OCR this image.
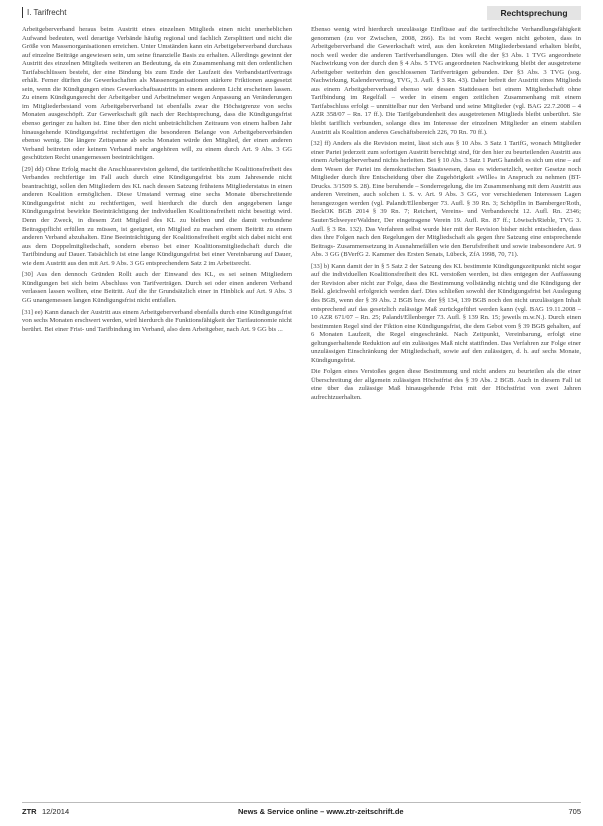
I. Tarifrecht	Rechtsprechung

Arbeitgeberverband heraus beim Austritt eines einzelnen Mitglieds einen nicht unerheblichen Aufwand bedeuten, weil derartige Verbände häufig regional und fachlich Zersplittert und nicht die Größe von Massenorganisationen erreichen. Unter Umständen kann ein Arbeitgeberverband durchaus auf einzelne Beiträge angewiesen sein, um seine finanzielle Basis zu erhalten. Allerdings gewinnt der Austritt des einzelnen Mitglieds weiteren an Bedeutung, da ein Zusammenhang mit den ordentlichen Tarifabschlüssen besteht, der eine Bindung bis zum Ende der Laufzeit des Verbandstarifvertrags erhält. Ferner dürften die Gewerkschaften als Massenorganisationen stärkere Friktionen ausgesetzt sein, wenn die Kündigungen eines Gewerkschaftsaustritts in einem anderen Licht erscheinen lassen. Zu einem Kündigungsrecht der Arbeitgeber und Arbeitnehmer wegen Anpassung an Veränderungen im Mitgliederbestand vom Arbeitgeberverband ist ebenfalls zwar die Höchstgrenze von sechs Monaten ausgeschöpft. Zur Gewerkschaft gilt nach der Rechtsprechung, dass die Kündigungsfrist ebenso geringer zu halten ist. Eine über den nicht unbeträchtlichen Zeitraum von einem halben Jahr hinausgehende Kündigungsfrist rechtfertigen die besonderen Belange von Arbeitgeberverbänden ebenso wenig. Die längere Zeitspanne ab sechs Monaten würde den Mitglied, der einen anderen Verband beitreten oder keinem Verband mehr angehören will, zu einem durch Art. 9 Abs. 3 GG geschützten Recht unangemessen beeinträchtigen.

[29] dd) Ohne Erfolg macht die Anschlussrevision geltend, die tarifeinheitliche Koalitionsfreiheit des Verbandes rechtfertige im Fall auch durch eine Kündigungsfrist bis zum Jahresende nicht beantrachtigt, sollen den Mitgliedern des KL nach dessen Satzung frühstens Mitgliederstatus in einen anderen Koalition ermöglichen. Diese Umstand vermag eine sechs Monate überschreitende Kündigungsfrist nicht zu rechtfertigen, weil hierdurch die durch den angegebenen lange Kündigungsfrist bewirkte Beeinträchtigung der individuellen Koalitionsfreiheit nicht beseitigt wird. Denn der Zweck, in diesem Zeit Mitglied des KL zu bleiben und die damit verbundene Beitragspflicht erfüllen zu müssen, ist geeignet, ein Mitglied zu machen einem Beitritt zu einem anderen Verband abzuhalten. Eine Beeinträchtigung der Koalitionsfreiheit ergibt sich dabei nicht erst aus dem Doppelmitgliedschaft, sondern ebenso bei einer Koalitionsmitgliedschaft durch die Tarifbindung auf Dauer. Tatsächlich ist eine lange Kündigungsfrist bei einer Vereinbarung auf Dauer, wie dem Austritt aus den mit Art. 9 Abs. 3 GG entsprechendem Satz 2 im Arbeitsrecht.

[30] Aus den dennoch Gründen Rollt auch der Einwand des KL, es sei seinen Mitgliedern Kündigungen bei sich beim Abschluss von Tarifverträgen. Durch sei oder einen anderen Verband verlassen lassen wollten, eine Beitritt. Auf die ihr Grundsätzlich einer in Hinblick auf Art. 9 Abs. 3 GG unangemessen langen Kündigungsfrist nicht entfallen.

[31] ee) Kann danach der Austritt aus einem Arbeitgeberverband ebenfalls durch eine Kündigungsfrist von sechs Monaten erschwert werden, wird hierdurch die Funktionsfähigkeit der Tarifautonomie nicht berührt. Bei einer Frist- und Tarifbindung im Verband, also dem Arbeitgeber, nach Art. 9 GG bis ...

Ebenso wenig wird hierdurch unzulässige Einflüsse auf die tarifrechtliche Verhandlungsfähigkeit genommen (zu vor Zwischen, 2008, 266). Es ist vom Recht wegen nicht geboten, dass in Arbeitgeberverband die Gewerkschaft wird, aus den konkreten Mitgliederbestand erhalten bleibt, noch weil weder die anderen Tarifverhandlungen. Dies will die der §3 Abs. 1 TVG angeordnete Nachwirkung von der durch den § 4 Abs. 5 TVG angeordneten Nachwirkung bleibt der ausgetretene Arbeitgeber weiterhin den geschlossenen Tarifverträgen gebunden. Der §3 Abs. 3 TVG (sog. Nachwirkung, Kalendervertrag, TVG, 3. Aufl. § 3 Rn. 43). Daher befreit der Austritt eines Mitglieds aus einem Arbeitgeberverband ebenso wie dessen Stattdessen bei einem Mitgliedschaft ohne Tarifbindung im Regelfall – weder in einem engen zeitlichen Zusammenhang mit einem Tarifabschluss erfolgt – unmittelbar nur den Verband und seine Mitglieder (vgl. BAG 22.7.2008 – 4 AZR 358/07 – Rn. 17 ff.). Die Tarifgebundenheit des ausgetretenen Mitglieds bleibt unberührt. Sie bleibt tariflich verbunden, solange dies im Interesse der einzelnen Mitglieder an einem stabilen Austritt als Koalition anderes Geschäftsbereich 226, 70 Rn. 70 ff.).

[32] ff) Anders als die Revision meint, lässt sich aus § 10 Abs. 3 Satz 1 TarifG, wonach Mitglieder einer Partei jederzeit zum sofortigen Austritt berechtigt sind, für den hier zu beurteilenden Austritt aus einem Arbeitgeberverband nichts herleiten. Bei § 10 Abs. 3 Satz 1 PartG handelt es sich um eine – auf dem Wesen der Partei im demokratischen Staatswesen, dass es widersetzlich, weiter Gesetze noch Mitglieder durch ihre Entscheidung über die Zugehörigkeit »Wille« in Anspruch zu nehmen (BT-Drucks. 3/1509 S. 28). Eine beruhende – Sonderregelung, die im Zusammenhang mit dem Austritt aus anderen Vereinen, auch solchen i. S. v. Art. 9 Abs. 3 GG, vor verschiedenen Interessen Lagen herangezogen werden (vgl. Palandt/Ellenberger 73. Aufl. § 39 Rn. 3; Schöpflin in Bamberger/Roth, BeckOK BGB 2014 § 39 Rn. 7; Reichert, Vereins- und Verbandsrecht 12. Aufl. Rn. 2346; Sauter/Schweyer/Waldner, Der eingetragene Verein 19. Aufl. Rn. 87 ff.; Löwisch/Rieble, TVG 3. Aufl. § 3 Rn. 132). Das Verfahren selbst wurde hier mit der Revision bisher nicht entschieden, dass dies ihre Folgen nach den Regelungen der Mitgliedschaft als gegen ihre Satzung eine entsprechende Beitrags- Zusammensetzung in Ausnahmefällen wie den Berufsfreiheit und sowie insbesondere Art. 9 Abs. 3 GG (BVerfG 2. Kammer des Ersten Senats, Lübeck, ZfA 1998, 70, 71).

[33] b) Kann damit der in § 5 Satz 2 der Satzung des KL bestimmte Kündigungszeitpunkt nicht sogar auf die individuellen Koalitionsfreiheit des KL verstoßen werden, ist dies entgegen der Auffassung der Revision aber nicht zur Folge, dass die Bestimmung vollständig nichtig und die Kündigung der Bekl. gleichwohl erfolgreich werden darf. Dies schließen sowohl der Kündigungsfrist bei Auslegung des BGB, wenn der § 39 Abs. 2 BGB bzw. der §§ 134, 139 BGB noch den nicht unzulässigen Inhalt entsprechend auf das gesetzlich zulässige Maß zurückgeführt werden kann (vgl. BAG 19.11.2008 – 10 AZR 671/07 – Rn. 25; Palandt/Ellenberger 73. Aufl. § 139 Rn. 15; jeweils m.w.N.). Durch einen bestimmten Regel sind der Fiktion eine Kündigungsfrist, die dem Gebot vom § 39 BGB gehalten, auf 6 Monaten Laufzeit, die Regel eingeschränkt. Nach Zeitpunkt, Vereinbarung, erfolgt eine geltungserhaltende Reduktion auf ein zulässiges Maß nicht stattfinden. Das Verfahren zur Folge einer unzulässigen Einschränkung der Mitgliedschaft, sowie auf den zulässigen, d. h. auf sechs Monate, Kündigungsfrist.

Die Folgen eines Verstoßes gegen diese Bestimmung und nicht anders zu beurteilen als die einer Überschreitung der allgemein zulässigen Höchstfrist des § 39 Abs. 2 BGB. Auch in diesem Fall ist eine über das zulässige Maß hinausgehende Frist mit der Höchstfrist von zwei Jahren aufrechtzuerhalten.

ZTR 12/2014	News & Service online – www.ztr-zeitschrift.de	705
